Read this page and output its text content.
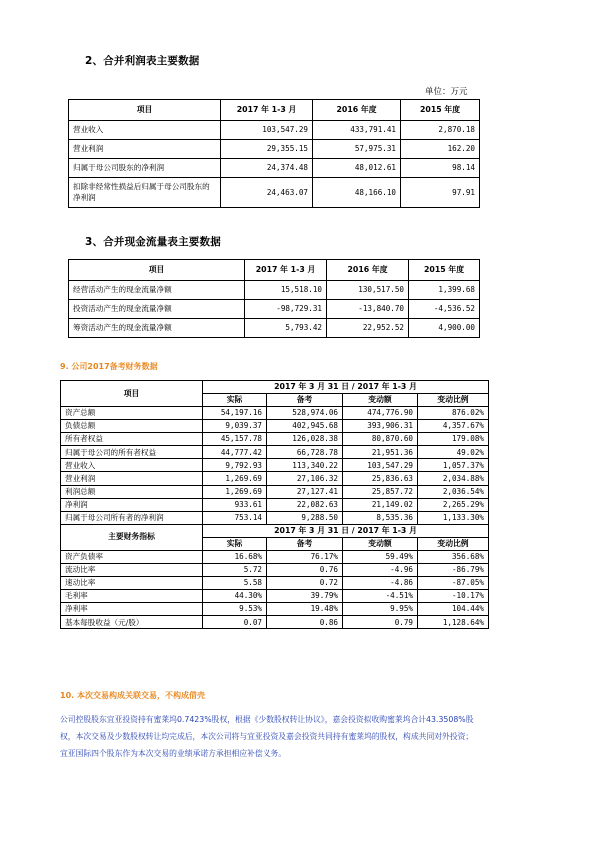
2、合并利润表主要数据
单位：万元
项目	2017 年 1-3 月	2016 年度	2015 年度
营业收入	103,547.29	433,791.41	2,870.18
营业利润	29,355.15	57,975.31	162.20
归属于母公司股东的净利润	24,374.48	48,012.61	98.14
扣除非经常性损益后归属于母公司股东的净利润	24,463.07	48,166.10	97.91
3、合并现金流量表主要数据
项目	2017 年 1-3 月	2016 年度	2015 年度
经营活动产生的现金流量净额	15,518.10	130,517.50	1,399.68
投资活动产生的现金流量净额	-98,729.31	-13,840.70	-4,536.52
筹资活动产生的现金流量净额	5,793.42	22,952.52	4,900.00
9. 公司2017备考财务数据
项目	2017 年 3 月 31 日 / 2017 年 1-3 月			
	实际	备考	变动额	变动比例
资产总额	54,197.16	528,974.06	474,776.90	876.02%
负债总额	9,039.37	402,945.68	393,906.31	4,357.67%
所有者权益	45,157.78	126,028.38	80,870.60	179.08%
归属于母公司的所有者权益	44,777.42	66,728.78	21,951.36	49.02%
营业收入	9,792.93	113,340.22	103,547.29	1,057.37%
营业利润	1,269.69	27,106.32	25,836.63	2,034.88%
利润总额	1,269.69	27,127.41	25,857.72	2,036.54%
净利润	933.61	22,082.63	21,149.02	2,265.29%
归属于母公司所有者的净利润	753.14	9,288.50	8,535.36	1,133.30%
主要财务指标	2017 年 3 月 31 日 / 2017 年 1-3 月			
	实际	备考	变动额	变动比例
资产负债率	16.68%	76.17%	59.49%	356.68%
流动比率	5.72	0.76	-4.96	-86.79%
速动比率	5.58	0.72	-4.86	-87.05%
毛利率	44.30%	39.79%	-4.51%	-10.17%
净利率	9.53%	19.48%	9.95%	104.44%
基本每股收益（元/股）	0.07	0.86	0.79	1,128.64%
10. 本次交易构成关联交易，不构成借壳
公司控股股东宜亚投资持有蜜莱坞0.7423%股权，根据《少数股权转让协议》，嘉会投资拟收购蜜莱坞合计43.3508%股
权，本次交易及少数股权转让均完成后，本次公司将与宜亚投资及嘉会投资共同持有蜜莱坞的股权，构成共同对外投资；
宜亚国际四个股东作为本次交易的业绩承诺方承担相应补偿义务。
